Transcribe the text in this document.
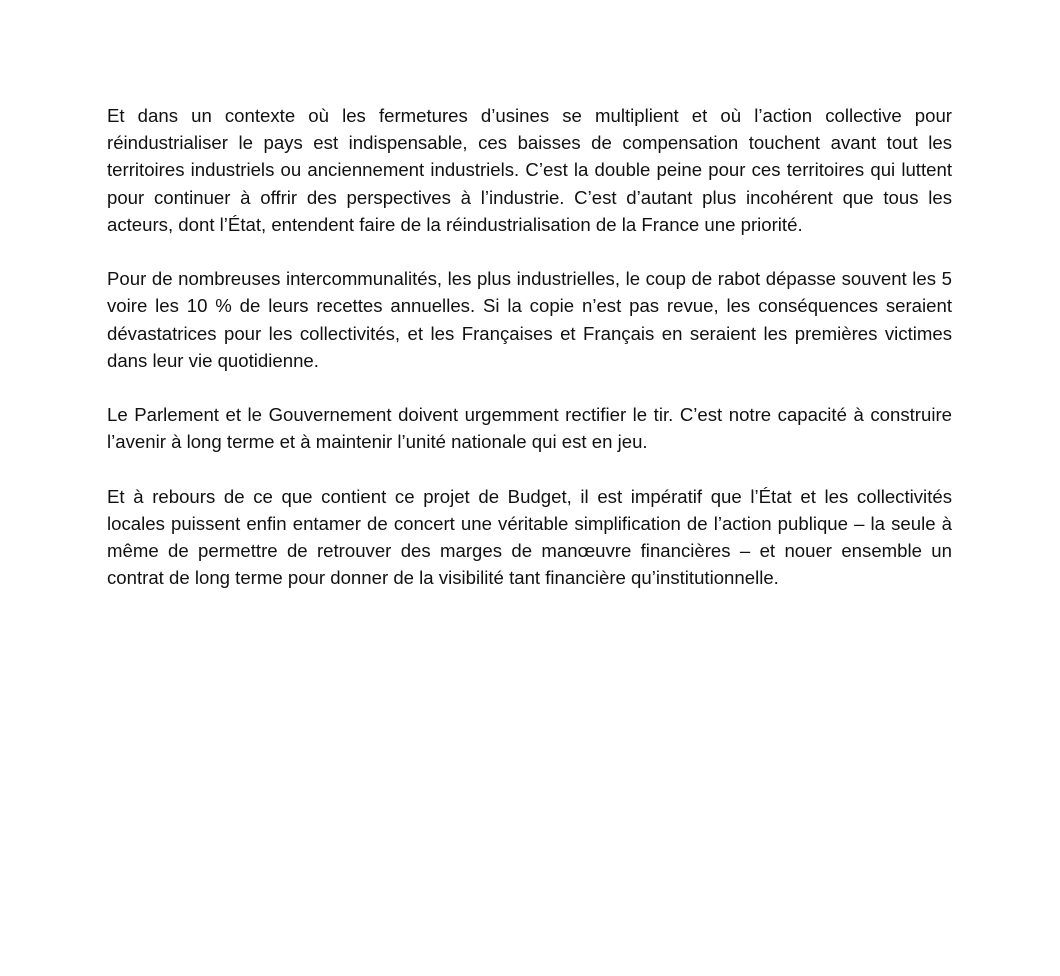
Et dans un contexte où les fermetures d’usines se multiplient et où l’action collective pour réindustrialiser le pays est indispensable, ces baisses de compensation touchent avant tout les territoires industriels ou anciennement industriels. C’est la double peine pour ces territoires qui luttent pour continuer à offrir des perspectives à l’industrie. C’est d’autant plus incohérent que tous les acteurs, dont l’État, entendent faire de la réindustrialisation de la France une priorité.

Pour de nombreuses intercommunalités, les plus industrielles, le coup de rabot dépasse souvent les 5 voire les 10 % de leurs recettes annuelles. Si la copie n’est pas revue, les conséquences seraient dévastatrices pour les collectivités, et les Françaises et Français en seraient les premières victimes dans leur vie quotidienne.

Le Parlement et le Gouvernement doivent urgemment rectifier le tir. C’est notre capacité à construire l’avenir à long terme et à maintenir l’unité nationale qui est en jeu.

Et à rebours de ce que contient ce projet de Budget, il est impératif que l’État et les collectivités locales puissent enfin entamer de concert une véritable simplification de l’action publique – la seule à même de permettre de retrouver des marges de manœuvre financières – et nouer ensemble un contrat de long terme pour donner de la visibilité tant financière qu’institutionnelle.
